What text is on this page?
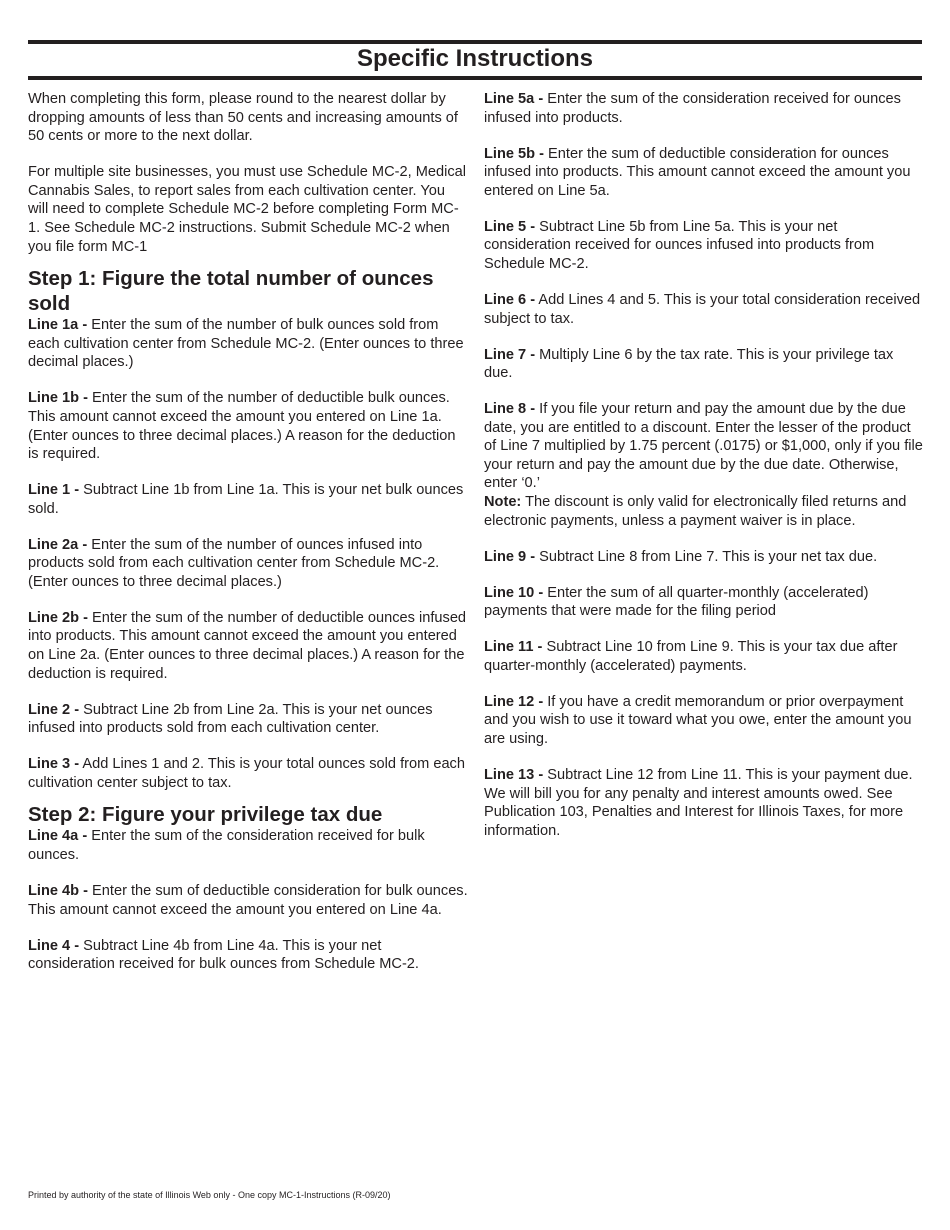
Specific Instructions

When completing this form, please round to the nearest dollar by dropping amounts of less than 50 cents and increasing amounts of 50 cents or more to the next dollar.

For multiple site businesses, you must use Schedule MC-2, Medical Cannabis Sales, to report sales from each cultivation center. You will need to complete Schedule MC-2 before completing Form MC-1. See Schedule MC-2 instructions. Submit Schedule MC-2 when you file form MC-1

Step 1: Figure the total number of ounces sold

Line 1a - Enter the sum of the number of bulk ounces sold from each cultivation center from Schedule MC-2. (Enter ounces to three decimal places.)

Line 1b - Enter the sum of the number of deductible bulk ounces. This amount cannot exceed the amount you entered on Line 1a. (Enter ounces to three decimal places.) A reason for the deduction is required.

Line 1 - Subtract Line 1b from Line 1a. This is your net bulk ounces sold.

Line 2a - Enter the sum of the number of ounces infused into products sold from each cultivation center from Schedule MC-2. (Enter ounces to three decimal places.)

Line 2b - Enter the sum of the number of deductible ounces infused into products. This amount cannot exceed the amount you entered on Line 2a. (Enter ounces to three decimal places.) A reason for the deduction is required.

Line 2 - Subtract Line 2b from Line 2a. This is your net ounces infused into products sold from each cultivation center.

Line 3 - Add Lines 1 and 2. This is your total ounces sold from each cultivation center subject to tax.

Step 2: Figure your privilege tax due

Line 4a - Enter the sum of the consideration received for bulk ounces.

Line 4b - Enter the sum of deductible consideration for bulk ounces. This amount cannot exceed the amount you entered on Line 4a.

Line 4 - Subtract Line 4b from Line 4a. This is your net consideration received for bulk ounces from Schedule MC-2.

Line 5a - Enter the sum of the consideration received for ounces infused into products.

Line 5b - Enter the sum of deductible consideration for ounces infused into products. This amount cannot exceed the amount you entered on Line 5a.

Line 5 - Subtract Line 5b from Line 5a. This is your net consideration received for ounces infused into products from Schedule MC-2.

Line 6 - Add Lines 4 and 5. This is your total consideration received subject to tax.

Line 7 - Multiply Line 6 by the tax rate. This is your privilege tax due.

Line 8 - If you file your return and pay the amount due by the due date, you are entitled to a discount. Enter the lesser of the product of Line 7 multiplied by 1.75 percent (.0175) or $1,000, only if you file your return and pay the amount due by the due date. Otherwise, enter ‘0.’

Note: The discount is only valid for electronically filed returns and electronic payments, unless a payment waiver is in place.

Line 9 - Subtract Line 8 from Line 7. This is your net tax due.

Line 10 - Enter the sum of all quarter-monthly (accelerated) payments that were made for the filing period

Line 11 - Subtract Line 10 from Line 9. This is your tax due after quarter-monthly (accelerated) payments.

Line 12 - If you have a credit memorandum or prior overpayment and you wish to use it toward what you owe, enter the amount you are using.

Line 13 - Subtract Line 12 from Line 11. This is your payment due. We will bill you for any penalty and interest amounts owed. See Publication 103, Penalties and Interest for Illinois Taxes, for more information.

Printed by authority of the state of Illinois Web only - One copy MC-1-Instructions (R-09/20)
